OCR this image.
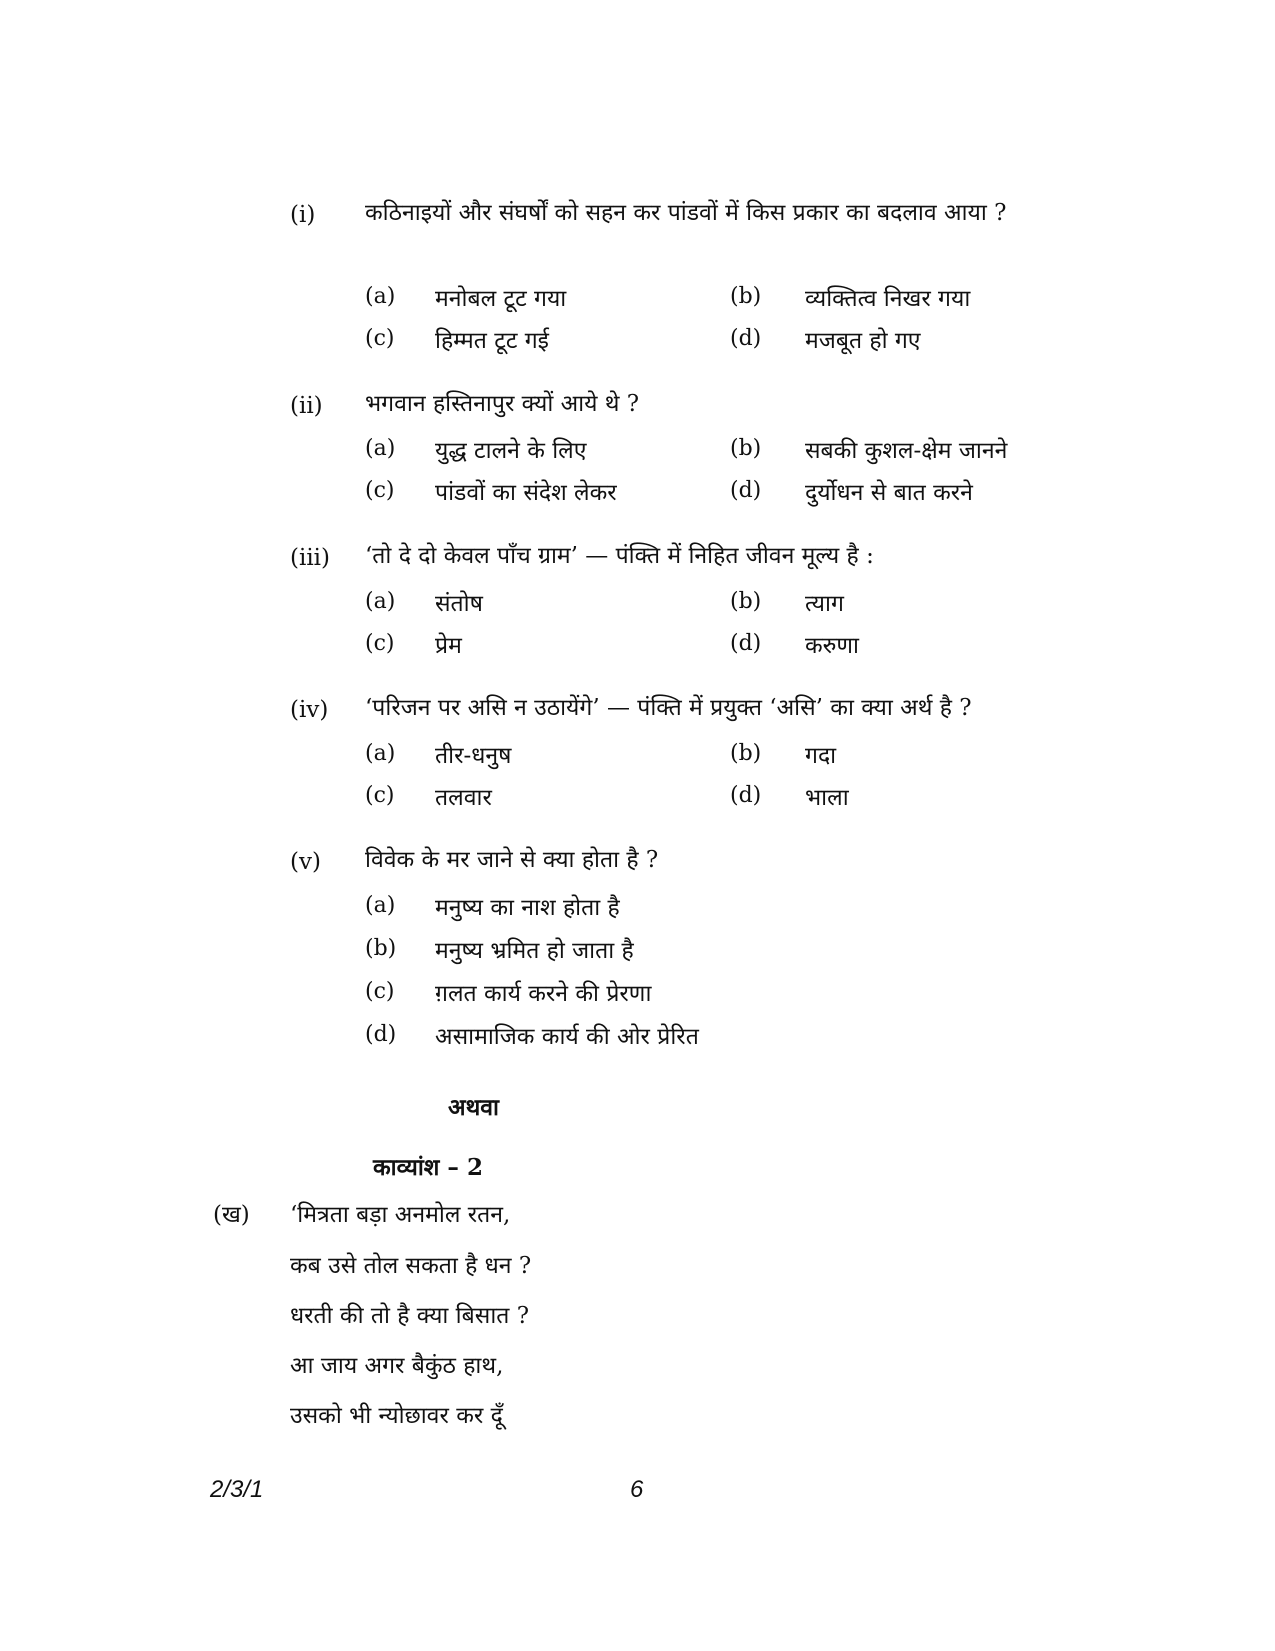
(i) कठिनाइयों और संघर्षों को सहन कर पांडवों में किस प्रकार का बदलाव आया ?
(a) मनोबल टूट गया	(b) व्यक्तित्व निखर गया
(c) हिम्मत टूट गई	(d) मजबूत हो गए
(ii) भगवान हस्तिनापुर क्यों आये थे ?
(a) युद्ध टालने के लिए	(b) सबकी कुशल-क्षेम जानने
(c) पांडवों का संदेश लेकर	(d) दुर्योधन से बात करने
(iii) ‘तो दे दो केवल पाँच ग्राम’ — पंक्ति में निहित जीवन मूल्य है :
(a) संतोष	(b) त्याग
(c) प्रेम	(d) करुणा
(iv) ‘परिजन पर असि न उठायेंगे’ — पंक्ति में प्रयुक्त ‘असि’ का क्या अर्थ है ?
(a) तीर-धनुष	(b) गदा
(c) तलवार	(d) भाला
(v) विवेक के मर जाने से क्या होता है ?
(a) मनुष्य का नाश होता है
(b) मनुष्य भ्रमित हो जाता है
(c) ग़लत कार्य करने की प्रेरणा
(d) असामाजिक कार्य की ओर प्रेरित
अथवा
काव्यांश – 2
(ख) ‘मित्रता बड़ा अनमोल रतन,
कब उसे तोल सकता है धन ?
धरती की तो है क्या बिसात ?
आ जाय अगर बैकुंठ हाथ,
उसको भी न्योछावर कर दूँ
2/3/1	6
